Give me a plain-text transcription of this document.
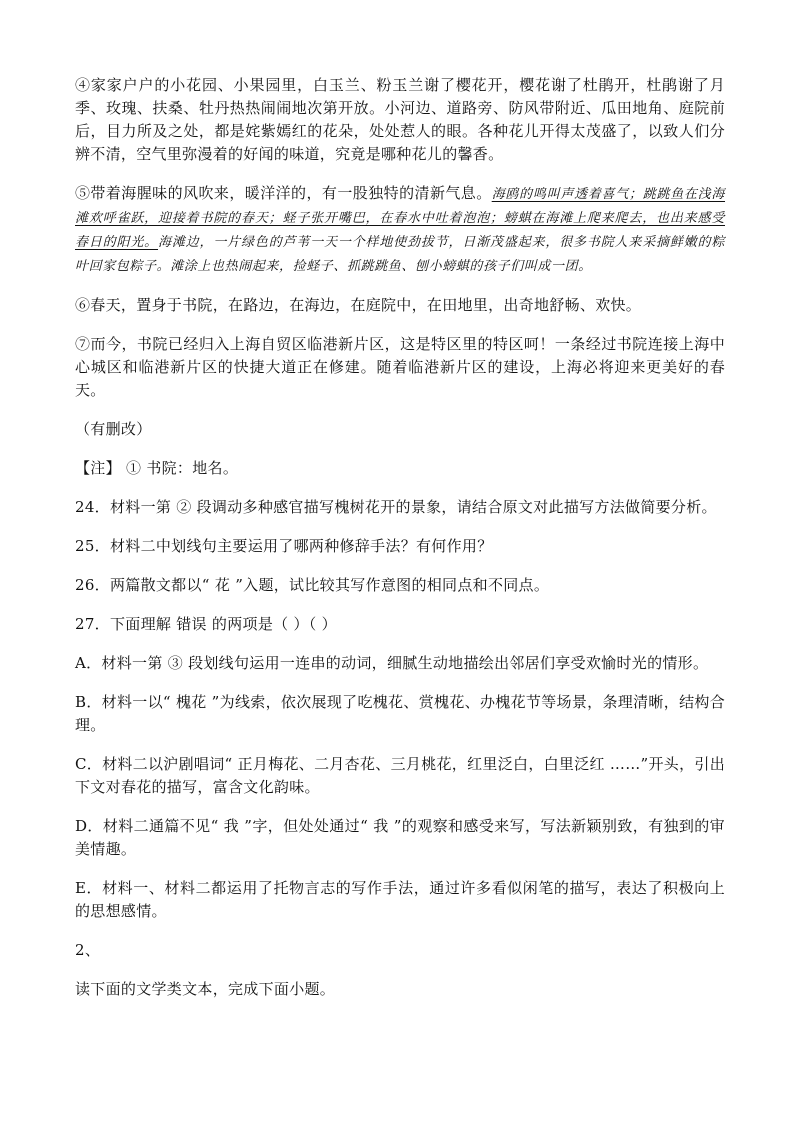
④家家户户的小花园、小果园里，白玉兰、粉玉兰谢了樱花开，樱花谢了杜鹃开，杜鹃谢了月季、玫瑰、扶桑、牡丹热热闹闹地次第开放。小河边、道路旁、防风带附近、瓜田地角、庭院前后，目力所及之处，都是姹紫嫣红的花朵，处处惹人的眼。各种花儿开得太茂盛了，以致人们分辨不清，空气里弥漫着的好闻的味道，究竟是哪种花儿的馨香。

⑤带着海腥味的风吹来，暖洋洋的，有一股独特的清新气息。海鸥的鸣叫声透着喜气；跳跳鱼在浅海滩欢呼雀跃，迎接着书院的春天；蛏子张开嘴巴，在春水中吐着泡泡；螃蜞在海滩上爬来爬去，也出来感受春日的阳光。海滩边，一片绿色的芦苇一天一个样地使劲拔节，日渐茂盛起来，很多书院人来采摘鲜嫩的粽叶回家包粽子。滩涂上也热闹起来，捡蛏子、抓跳跳鱼、刨小螃蜞的孩子们叫成一团。

⑥春天，置身于书院，在路边，在海边，在庭院中，在田地里，出奇地舒畅、欢快。

⑦而今，书院已经归入上海自贸区临港新片区，这是特区里的特区呵！一条经过书院连接上海中心城区和临港新片区的快捷大道正在修建。随着临港新片区的建设，上海必将迎来更美好的春天。

（有删改）

【注】 ① 书院：地名。

24．材料一第 ② 段调动多种感官描写槐树花开的景象，请结合原文对此描写方法做简要分析。

25．材料二中划线句主要运用了哪两种修辞手法？有何作用？

26．两篇散文都以“ 花 ”入题，试比较其写作意图的相同点和不同点。

27．下面理解 错误 的两项是（ ）（ ）

A．材料一第 ③ 段划线句运用一连串的动词，细腻生动地描绘出邻居们享受欢愉时光的情形。

B．材料一以“ 槐花 ”为线索，依次展现了吃槐花、赏槐花、办槐花节等场景，条理清晰，结构合理。

C．材料二以沪剧唱词“ 正月梅花、二月杏花、三月桃花，红里泛白，白里泛红 ……”开头，引出下文对春花的描写，富含文化韵味。

D．材料二通篇不见“ 我 ”字，但处处通过“ 我 ”的观察和感受来写，写法新颖别致，有独到的审美情趣。

E．材料一、材料二都运用了托物言志的写作手法，通过许多看似闲笔的描写，表达了积极向上的思想感情。

2、

读下面的文学类文本，完成下面小题。
